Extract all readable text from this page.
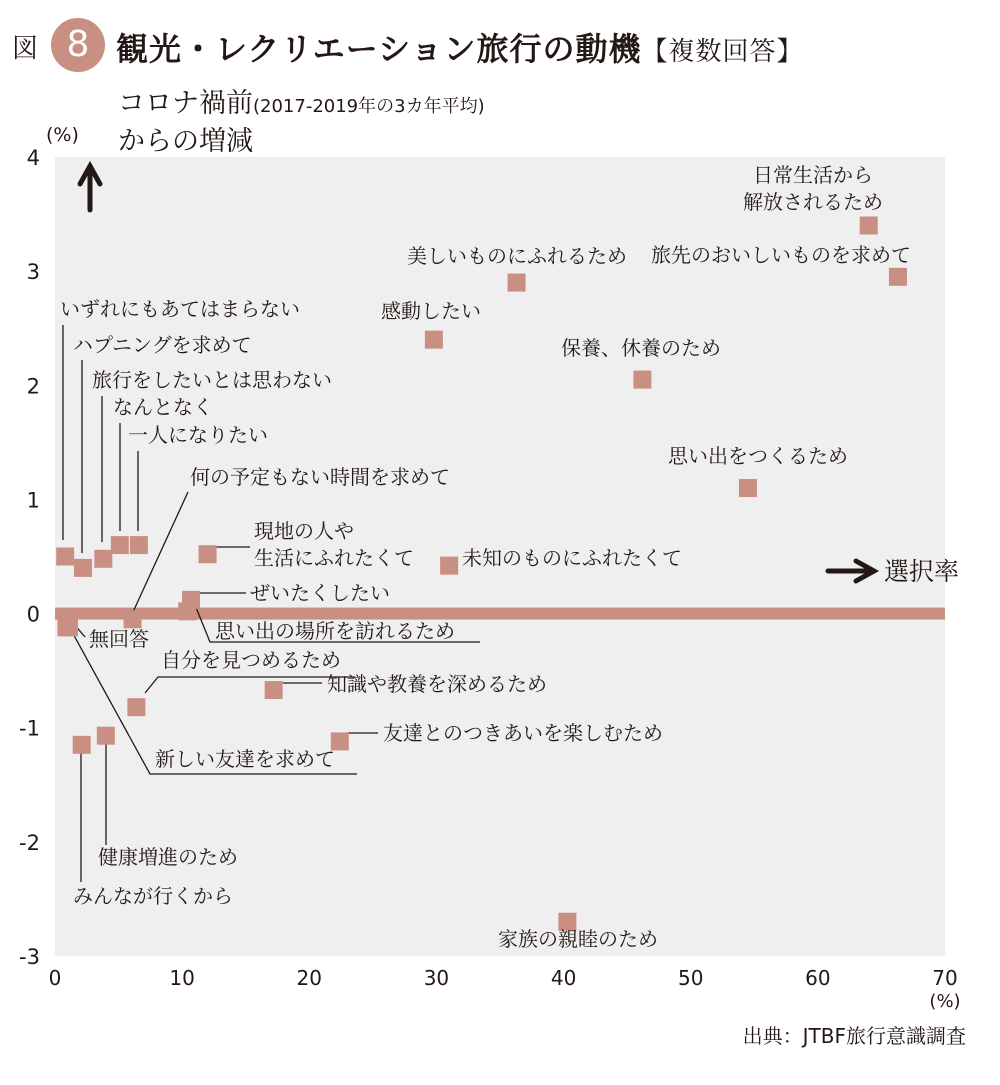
図 8 観光・レクリエーション旅行の動機【複数回答】
コロナ禍前(2017-2019年の3カ年平均)
からの増減
(%)
日常生活から解放されるため
旅先のおいしいものを求めて
美しいものにふれるため
感動したい
保養、休養のため
思い出をつくるため
現地の人や生活にふれたくて 未知のものにふれたくて
いずれにもあてはまらない
ハプニングを求めて
旅行をしたいとは思わない
なんとなく
一人になりたい
何の予定もない時間を求めて
ぜいたくしたい
思い出の場所を訪れるため
無回答
自分を見つめるため
知識や教養を深めるため
友達とのつきあいを楽しむため
新しい友達を求めて
みんなが行くから
健康増進のため
家族の親睦のため
0	10	20	30	40	50	60	70
-3
-2
-1
0
1
2
3
4
(%)
選択率
出典：JTBF旅行意識調査
